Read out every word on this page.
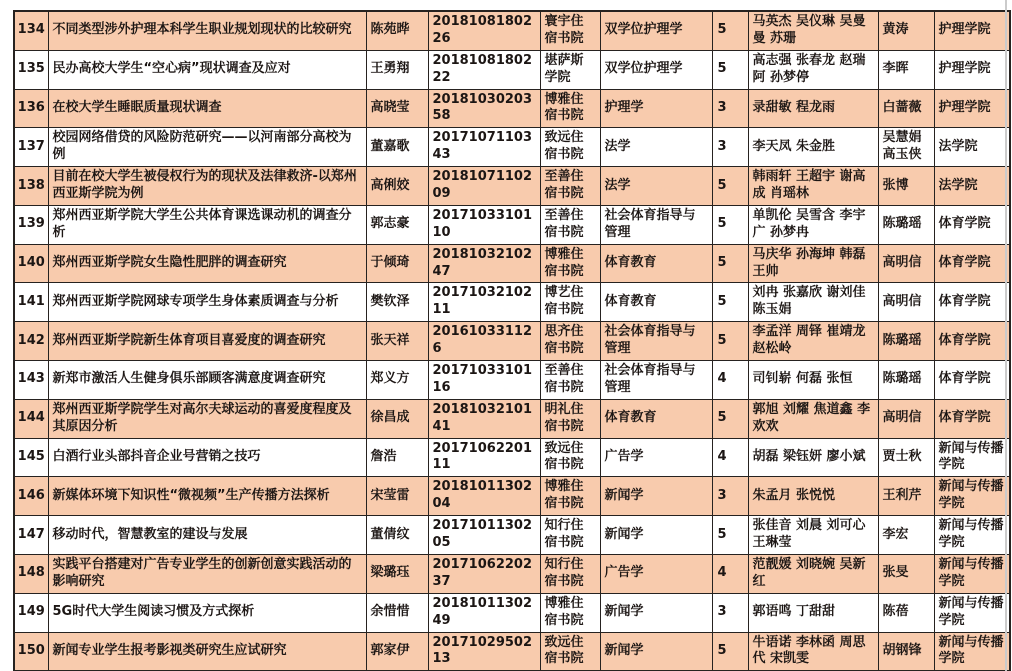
134	不同类型涉外护理本科学生职业规划现状的比较研究	陈苑晔	2018108180226	寰宇住宿书院	双学位护理学	5	马英杰 吴仪琳 吴曼曼 苏珊	黄涛	护理学院
135	民办高校大学生“空心病”现状调查及应对	王勇翔	2018108180222	堪萨斯学院	双学位护理学	5	高志强 张春龙 赵瑞阿 孙梦停	李晖	护理学院
136	在校大学生睡眠质量现状调查	高晓莹	2018103020358	博雅住宿书院	护理学	3	录甜敏 程龙雨	白蔷薇	护理学院
137	校园网络借贷的风险防范研究——以河南部分高校为例	董嘉歌	2017107110343	致远住宿书院	法学	3	李天凤 朱金胜	吴慧娟 高玉侠	法学院
138	目前在校大学生被侵权行为的现状及法律救济-以郑州西亚斯学院为例	高俐姣	2018107110209	至善住宿书院	法学	5	韩雨轩 王超宇 谢高成 肖瑶林	张博	法学院
139	郑州西亚斯学院大学生公共体育课选课动机的调查分析	郭志豪	2017103310110	至善住宿书院	社会体育指导与管理	5	单凯伦 吴雪含 李宇广 孙梦冉	陈璐瑶	体育学院
140	郑州西亚斯学院女生隐性肥胖的调查研究	于倾琦	2018103210247	博雅住宿书院	体育教育	5	马庆华 孙海坤 韩磊 王帅	高明信	体育学院
141	郑州西亚斯学院网球专项学生身体素质调查与分析	樊钦泽	2017103210211	博艺住宿书院	体育教育	5	刘冉 张嘉欣 谢刘佳 陈玉娟	高明信	体育学院
142	郑州西亚斯学院新生体育项目喜爱度的调查研究	张天祥	201610331126	思齐住宿书院	社会体育指导与管理	5	李孟洋 周铎 崔靖龙 赵松岭	陈璐瑶	体育学院
143	新郑市激活人生健身俱乐部顾客满意度调查研究	郑义方	2017103310116	至善住宿书院	社会体育指导与管理	4	司钊崭 何磊 张恒	陈璐瑶	体育学院
144	郑州西亚斯学院学生对高尔夫球运动的喜爱度程度及其原因分析	徐昌成	2018103210141	明礼住宿书院	体育教育	5	郭旭 刘耀 焦道鑫 李欢欢	高明信	体育学院
145	白酒行业头部抖音企业号营销之技巧	詹浩	2017106220111	致远住宿书院	广告学	4	胡磊 梁钰妍 廖小斌	贾士秋	新闻与传播学院
146	新媒体环境下知识性“微视频”生产传播方法探析	宋莹雷	2018101130204	博雅住宿书院	新闻学	3	朱孟月 张悦悦	王利芹	新闻与传播学院
147	移动时代，智慧教室的建设与发展	董倩纹	2017101130205	知行住宿书院	新闻学	5	张佳音 刘晨 刘可心 王琳莹	李宏	新闻与传播学院
148	实践平台搭建对广告专业学生的创新创意实践活动的影响研究	梁璐珏	2017106220237	知行住宿书院	广告学	4	范靓媛 刘晓婉 吴新红	张旻	新闻与传播学院
149	5G时代大学生阅读习惯及方式探析	余惜惜	2018101130249	博雅住宿书院	新闻学	3	郭语鸣 丁甜甜	陈蓓	新闻与传播学院
150	新闻专业学生报考影视类研究生应试研究	郭家伊	2017102950213	致远住宿书院	新闻学	5	牛语诺 李林函 周思代 宋凯雯	胡钢锋	新闻与传播学院
